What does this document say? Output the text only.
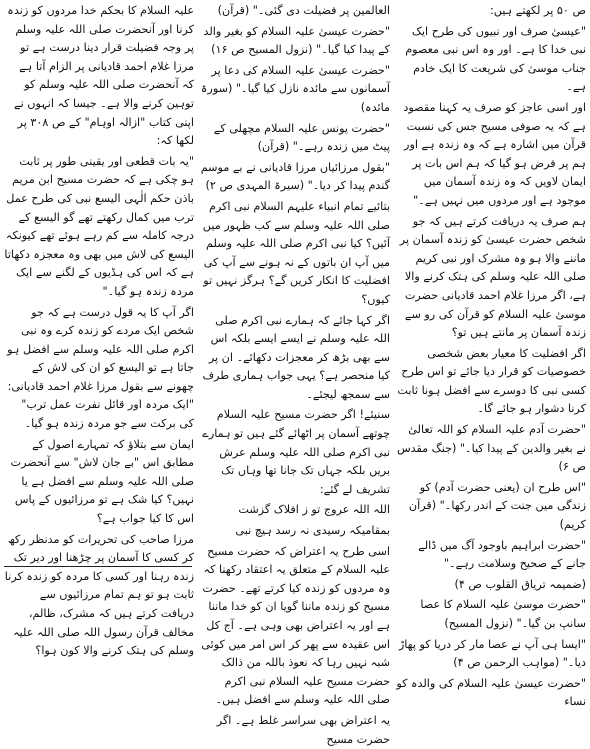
ص ۵۰ پر لکھتے ہیں:

"عیسیٰ صرف اور نبیوں کی طرح ایک نبی خدا کا ہے۔ اور وہ اس نبی معصوم جناب موسیٰ کی شریعت کا ایک خادم ہے۔

اور اسی عاجز کو صرف یہ کہنا مقصود ہے کہ یہ صوفی مسیح جس کی نسبت قرآن میں اشارہ ہے کہ وہ زندہ ہے اور ہم پر فرض ہو گیا کہ ہم اس بات پر ایمان لاویں کہ وہ زندہ آسمان میں موجود ہے اور مردوں میں نہیں ہے۔"

ہم صرف یہ دریافت کرتے ہیں کہ جو شخص حضرت عیسیٰ کو زندہ آسمان پر ماننے والا ہو وہ مشرک اور نبی کریم صلی اللہ علیہ وسلم کی ہتک کرنے والا ہے، اگر مرزا غلام احمد قادیانی حضرت موسیٰ علیہ السلام کو قرآن کی رو سے زندہ آسمان پر مانتے ہیں تو؟

اگر افضلیت کا معیار بعض شخصی خصوصیات کو قرار دیا جائے تو اس طرح کسی نبی کا دوسرے سے افضل ہونا ثابت کرنا دشوار ہو جائے گا۔

"حضرت آدم علیہ السلام کو اللہ تعالیٰ نے بغیر والدین کے پیدا کیا۔" (جنگ مقدس ص ۶)

"اس طرح ان (یعنی حضرت آدم) کو زندگی میں جنت کے اندر رکھا۔" (قرآن کریم)

"حضرت ابراہیم باوجود آگ میں ڈالے جانے کے صحیح وسلامت رہے۔"

(ضمیمہ تریاق القلوب ص ۴)

"حضرت موسیٰ علیہ السلام کا عصا سانپ بن گیا۔" (نزول المسیح)

"ایسا ہی آپ نے عصا مار کر دریا کو پھاڑ دیا۔" (مواہب الرحمن ص ۴)

"حضرت عیسیٰ علیہ السلام کی والدہ کو نساء

العالمین پر فضیلت دی گئی۔" (قرآن)

"حضرت عیسیٰ علیہ السلام کو بغیر والد کے پیدا کیا گیا۔" (نزول المسیح ص ۱۶)

"حضرت عیسیٰ علیہ السلام کی دعا پر آسمانوں سے مائدہ نازل کیا گیا۔" (سورۃ مائدہ)

"حضرت یونس علیہ السلام مچھلی کے پیٹ میں زندہ رہے۔" (قرآن)

"بقول مرزائیاں مرزا قادیانی نے بے موسم گندم پیدا کر دیا۔" (سیرۃ المہدی ص ۲)

بتائیے تمام انبیاء علیہم السلام نبی اکرم صلی اللہ علیہ وسلم سے کب ظہور میں آئیں؟ کیا نبی اکرم صلی اللہ علیہ وسلم میں آپ ان باتوں کے نہ ہونے سے آپ کی افضلیت کا انکار کریں گے؟ ہرگز نہیں تو کیوں؟

اگر کہا جائے کہ ہمارے نبی اکرم صلی اللہ علیہ وسلم نے ایسے ایسے بلکہ اس سے بھی بڑھ کر معجزات دکھائے۔ ان پر کیا منحصر ہے؟ یہی جواب ہماری طرف سے سمجھ لیجئے۔

سنیئے! اگر حضرت مسیح علیہ السلام چوتھے آسمان پر اٹھائے گئے ہیں تو ہمارے نبی اکرم صلی اللہ علیہ وسلم عرش بریں بلکہ جہاں تک جانا تھا وہاں تک تشریف لے گئے:

اللہ اللہ عروج تو ز افلاک گزشت

بمقامیکہ رسیدی نہ رسد ہیچ نبی

اسی طرح یہ اعتراض کہ حضرت مسیح علیہ السلام کے متعلق یہ اعتقاد رکھنا کہ وہ مردوں کو زندہ کیا کرتے تھے۔ حضرت مسیح کو زندہ ماننا گویا ان کو خدا ماننا ہے اور یہ اعتراض بھی وہی ہے۔ آج کل اس عقیدہ سے پھر کر اس امر میں کوئی شبہ نہیں رہا کہ نعوذ باللہ من ذالک حضرت مسیح علیہ السلام نبی اکرم صلی اللہ علیہ وسلم سے افضل ہیں۔

یہ اعتراض بھی سراسر غلط ہے۔ اگر حضرت مسیح

علیہ السلام کا بحکم خدا مردوں کو زندہ کرنا اور آنحضرت صلی اللہ علیہ وسلم پر وجہ فضیلت قرار دینا درست ہے تو مرزا غلام احمد قادیانی پر الزام آتا ہے کہ آنحضرت صلی اللہ علیہ وسلم کو توہین کرنے والا ہے۔ جیسا کہ انہوں نے اپنی کتاب "ازالہ اوہام" کے ص ۳۰۸ پر لکھا کہ:

"یہ بات قطعی اور یقینی طور پر ثابت ہو چکی ہے کہ حضرت مسیح ابن مریم باذن حکم الٰہی الیسع نبی کی طرح عمل ترب میں کمال رکھتے تھے گو الیسع کے درجہ کاملہ سے کم رہے ہوئے تھے کیونکہ الیسع کی لاش میں بھی وہ معجزہ دکھاتا ہے کہ اس کی ہڈیوں کے لگنے سے ایک مردہ زندہ ہو گیا۔"

اگر آپ کا یہ قول درست ہے کہ جو شخص ایک مردے کو زندہ کرے وہ نبی اکرم صلی اللہ علیہ وسلم سے افضل ہو جاتا ہے تو الیسع کو ان کی لاش کے چھونے سے بقول مرزا غلام احمد قادیانی: "ایک مردہ اور قائل نفرت عمل ترب" کی برکت سے جو مردہ زندہ ہو گیا۔

ایمان سے بتلاؤ کہ تمہارے اصول کے مطابق اس "بے جان لاش" سے آنحضرت صلی اللہ علیہ وسلم سے افضل ہے یا نہیں؟ کیا شک ہے تو مرزائیوں کے پاس اس کا کیا جواب ہے؟

مرزا صاحب کی تحریرات کو مدنظر رکھ کر کسی کا آسمان پر چڑھنا اور دیر تک زندہ رہنا اور کسی کا مردہ کو زندہ کرنا ثابت ہو تو ہم تمام مرزائیوں سے دریافت کرتے ہیں کہ مشرک، ظالم، مخالف قرآن رسول اللہ صلی اللہ علیہ وسلم کی ہتک کرنے والا کون ہوا؟
